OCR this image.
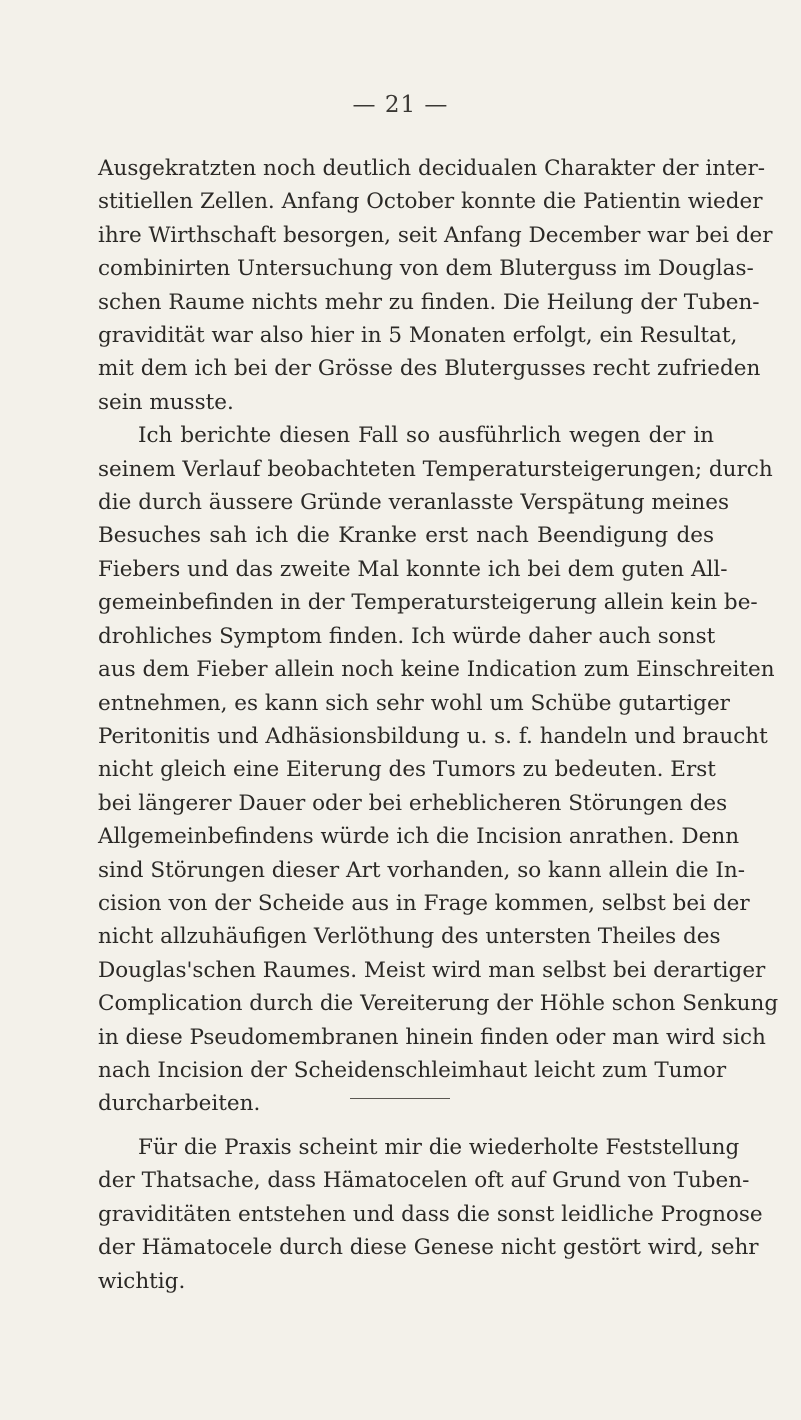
— 21 —
Ausgekratzten noch deutlich decidualen Charakter der inter-
stitiellen Zellen. Anfang October konnte die Patientin wieder
ihre Wirthschaft besorgen, seit Anfang December war bei der
combinirten Untersuchung von dem Bluterguss im Douglas-
schen Raume nichts mehr zu finden. Die Heilung der Tuben-
gravidität war also hier in 5 Monaten erfolgt, ein Resultat,
mit dem ich bei der Grösse des Blutergusses recht zufrieden
sein musste.
Ich berichte diesen Fall so ausführlich wegen der in
seinem Verlauf beobachteten Temperatursteigerungen; durch
die durch äussere Gründe veranlasste Verspätung meines
Besuches sah ich die Kranke erst nach Beendigung des
Fiebers und das zweite Mal konnte ich bei dem guten All-
gemeinbefinden in der Temperatursteigerung allein kein be-
drohliches Symptom finden. Ich würde daher auch sonst
aus dem Fieber allein noch keine Indication zum Einschreiten
entnehmen, es kann sich sehr wohl um Schübe gutartiger
Peritonitis und Adhäsionsbildung u. s. f. handeln und braucht
nicht gleich eine Eiterung des Tumors zu bedeuten. Erst
bei längerer Dauer oder bei erheblicheren Störungen des
Allgemeinbefindens würde ich die Incision anrathen. Denn
sind Störungen dieser Art vorhanden, so kann allein die In-
cision von der Scheide aus in Frage kommen, selbst bei der
nicht allzuhäufigen Verlöthung des untersten Theiles des
Douglas'schen Raumes. Meist wird man selbst bei derartiger
Complication durch die Vereiterung der Höhle schon Senkung
in diese Pseudomembranen hinein finden oder man wird sich
nach Incision der Scheidenschleimhaut leicht zum Tumor
durcharbeiten.
Für die Praxis scheint mir die wiederholte Feststellung
der Thatsache, dass Hämatocelen oft auf Grund von Tuben-
graviditäten entstehen und dass die sonst leidliche Prognose
der Hämatocele durch diese Genese nicht gestört wird, sehr
wichtig.
